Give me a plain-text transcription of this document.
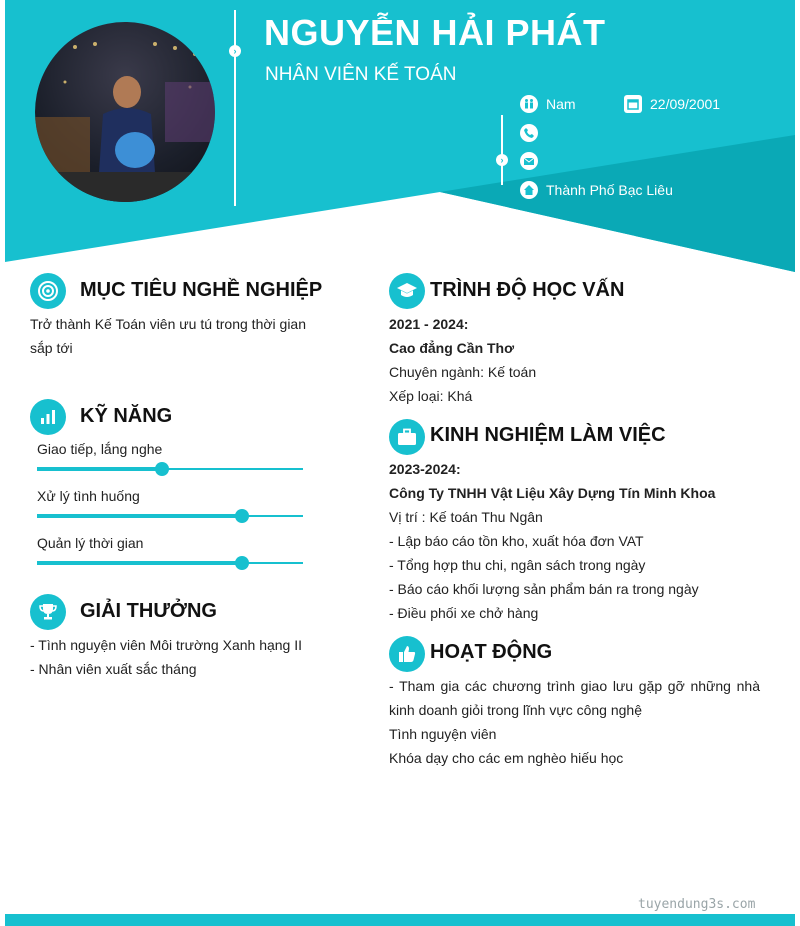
›
›
NGUYỄN HẢI PHÁT
NHÂN VIÊN KẾ TOÁN
Nam	22/09/2001
Thành Phố Bạc Liêu
MỤC TIÊU NGHỀ NGHIỆP
Trở thành Kế Toán viên ưu tú trong thời gian
sắp tới
KỸ NĂNG
Giao tiếp, lắng nghe
Xử lý tình huống
Quản lý thời gian
GIẢI THƯỞNG
- Tình nguyện viên Môi trường Xanh hạng II
- Nhân viên xuất sắc tháng
TRÌNH ĐỘ HỌC VẤN
2021 - 2024:
Cao đẳng Cần Thơ
Chuyên ngành: Kế toán
Xếp loại: Khá
KINH NGHIỆM LÀM VIỆC
2023-2024:
Công Ty TNHH Vật Liệu Xây Dựng Tín Minh Khoa
Vị trí : Kế toán Thu Ngân
- Lập báo cáo tồn kho, xuất hóa đơn VAT
- Tổng hợp thu chi, ngân sách trong ngày
- Báo cáo khối lượng sản phẩm bán ra trong ngày
- Điều phối xe chở hàng
HOẠT ĐỘNG
- Tham gia các chương trình giao lưu gặp gỡ những nhà
kinh doanh giỏi trong lĩnh vực công nghệ
Tình nguyện viên
Khóa dạy cho các em nghèo hiếu học
tuyendung3s.com
